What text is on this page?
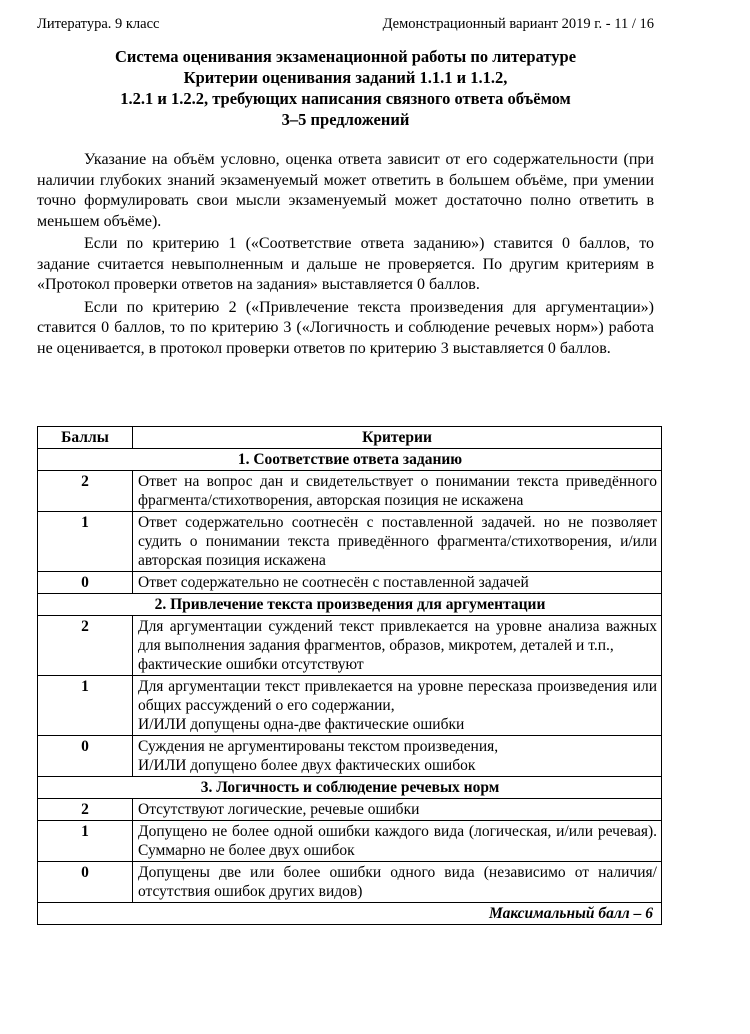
Литература. 9 класс	Демонстрационный вариант 2019 г. - 11 / 16
Система оценивания экзаменационной работы по литературе
Критерии оценивания заданий 1.1.1 и 1.1.2,
1.2.1 и 1.2.2, требующих написания связного ответа объёмом
3–5 предложений

Указание на объём условно, оценка ответа зависит от его содержательности (при наличии глубоких знаний экзаменуемый может ответить в большем объёме, при умении точно формулировать свои мысли экзаменуемый может достаточно полно ответить в меньшем объёме).

Если по критерию 1 («Соответствие ответа заданию») ставится 0 баллов, то задание считается невыполненным и дальше не проверяется. По другим критериям в «Протокол проверки ответов на задания» выставляется 0 баллов.

Если по критерию 2 («Привлечение текста произведения для аргументации») ставится 0 баллов, то по критерию 3 («Логичность и соблюдение речевых норм») работа не оценивается, в протокол проверки ответов по критерию 3 выставляется 0 баллов.

Баллы	Критерии
1. Соответствие ответа заданию	
2	Ответ на вопрос дан и свидетельствует о понимании текста приведённого фрагмента/стихотворения, авторская позиция не искажена

1	Ответ содержательно соотнесён с поставленной задачей. но не позволяет судить о понимании текста приведённого фрагмента/стихотворения, и/или авторская позиция искажена

0	Ответ содержательно не соотнесён с поставленной задачей

2. Привлечение текста произведения для аргументации	
2	Для аргументации суждений текст привлекается на уровне анализа важных для выполнения задания фрагментов, образов, микротем, деталей и т.п.,
фактические ошибки отсутствуют

1	Для аргументации текст привлекается на уровне пересказа произведения или общих рассуждений о его содержании,
И/ИЛИ допущены одна-две фактические ошибки

0	Суждения не аргументированы текстом произведения,
И/ИЛИ допущено более двух фактических ошибок

3. Логичность и соблюдение речевых норм	
2	Отсутствуют логические, речевые ошибки

1	Допущено не более одной ошибки каждого вида (логическая, и/или речевая). Суммарно не более двух ошибок

0	Допущены две или более ошибки одного вида (независимо от наличия/отсутствия ошибок других видов)

Максимальный балл – 6	
